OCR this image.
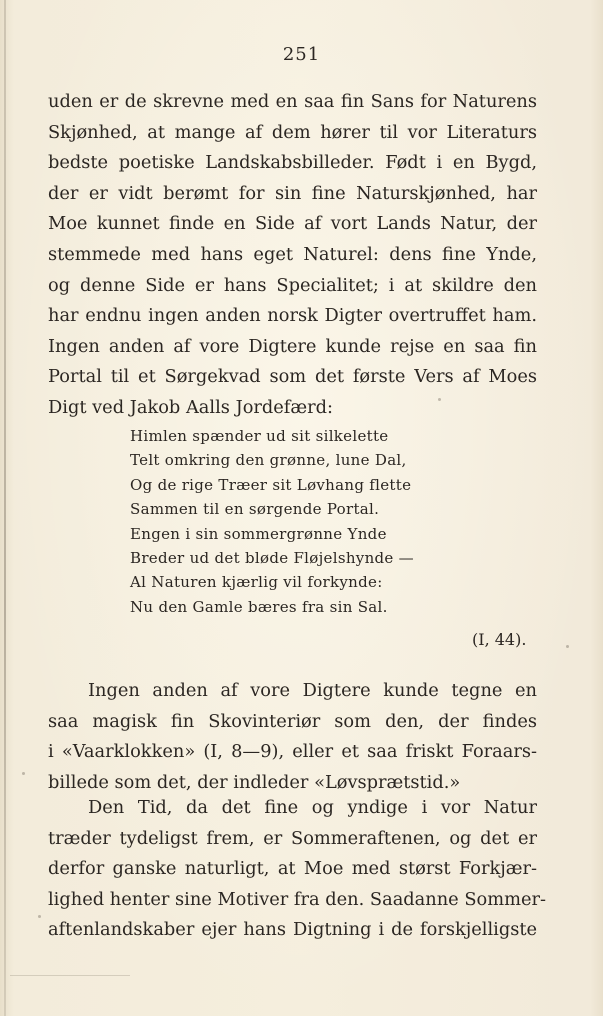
251

uden er de skrevne med en saa fin Sans for Naturens
Skjønhed, at mange af dem hører til vor Literaturs
bedste poetiske Landskabsbilleder. Født i en Bygd,
der er vidt berømt for sin fine Naturskjønhed, har
Moe kunnet finde en Side af vort Lands Natur, der
stemmede med hans eget Naturel: dens fine Ynde,
og denne Side er hans Specialitet; i at skildre den
har endnu ingen anden norsk Digter overtruffet ham.
Ingen anden af vore Digtere kunde rejse en saa fin
Portal til et Sørgekvad som det første Vers af Moes
Digt ved Jakob Aalls Jordefærd:

Himlen spænder ud sit silkelette
Telt omkring den grønne, lune Dal,
Og de rige Træer sit Løvhang flette
Sammen til en sørgende Portal.
Engen i sin sommergrønne Ynde
Breder ud det bløde Fløjelshynde —
Al Naturen kjærlig vil forkynde:
Nu den Gamle bæres fra sin Sal.

(I, 44).

Ingen anden af vore Digtere kunde tegne en
saa magisk fin Skovinteriør som den, der findes
i «Vaarklokken» (I, 8—9), eller et saa friskt Foraars-
billede som det, der indleder «Løvsprætstid.»

Den Tid, da det fine og yndige i vor Natur
træder tydeligst frem, er Sommeraftenen, og det er
derfor ganske naturligt, at Moe med størst Forkjær-
lighed henter sine Motiver fra den. Saadanne Sommer-
aftenlandskaber ejer hans Digtning i de forskjelligste
